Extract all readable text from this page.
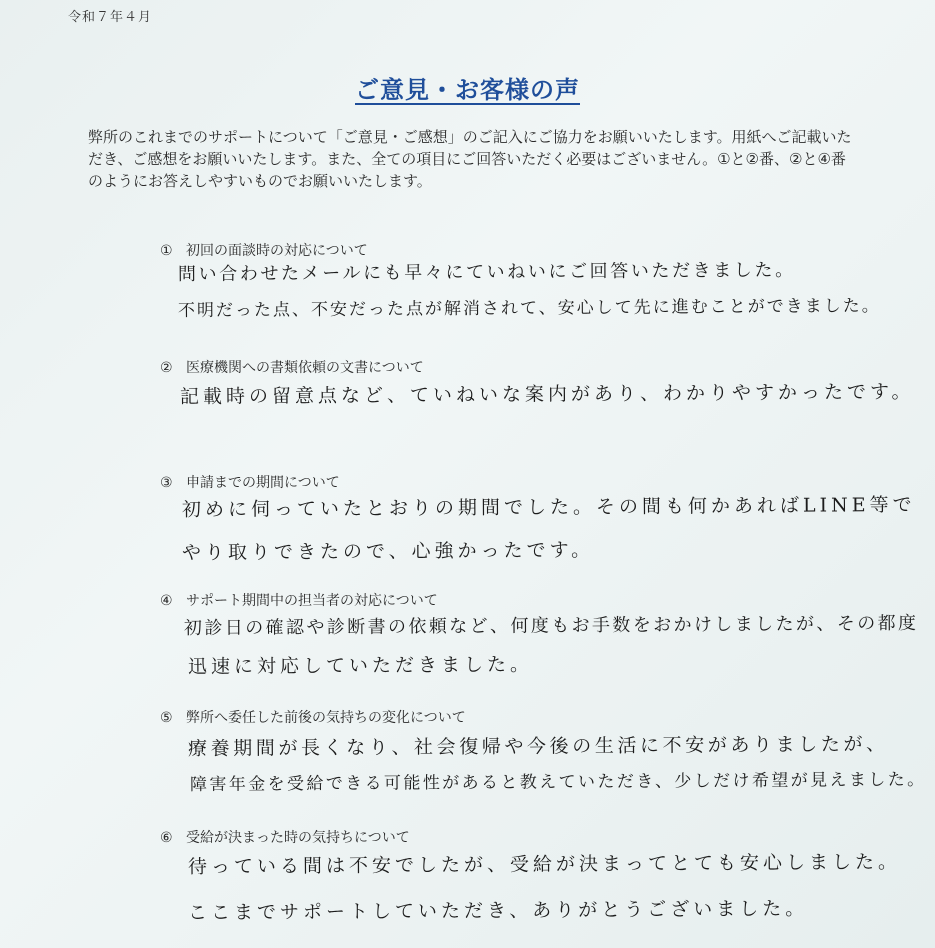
令和７年４月
ご意見・お客様の声
弊所のこれまでのサポートについて「ご意見・ご感想」のご記入にご協力をお願いいたします。用紙へご記載いただき、ご感想をお願いいたします。また、全ての項目にご回答いただく必要はございません。①と②番、②と④番のようにお答えしやすいものでお願いいたします。
① 初回の面談時の対応について
問い合わせたメールにも早々にていねいにご回答いただきました。
不明だった点、不安だった点が解消されて、安心して先に進むことができました。
② 医療機関への書類依頼の文書について
記載時の留意点など、ていねいな案内があり、わかりやすかったです。
③ 申請までの期間について
初めに伺っていたとおりの期間でした。その間も何かあればLINE等で
やり取りできたので、心強かったです。
④ サポート期間中の担当者の対応について
初診日の確認や診断書の依頼など、何度もお手数をおかけしましたが、その都度
迅速に対応していただきました。
⑤ 弊所へ委任した前後の気持ちの変化について
療養期間が長くなり、社会復帰や今後の生活に不安がありましたが、
障害年金を受給できる可能性があると教えていただき、少しだけ希望が見えました。
⑥ 受給が決まった時の気持ちについて
待っている間は不安でしたが、受給が決まってとても安心しました。
ここまでサポートしていただき、ありがとうございました。
